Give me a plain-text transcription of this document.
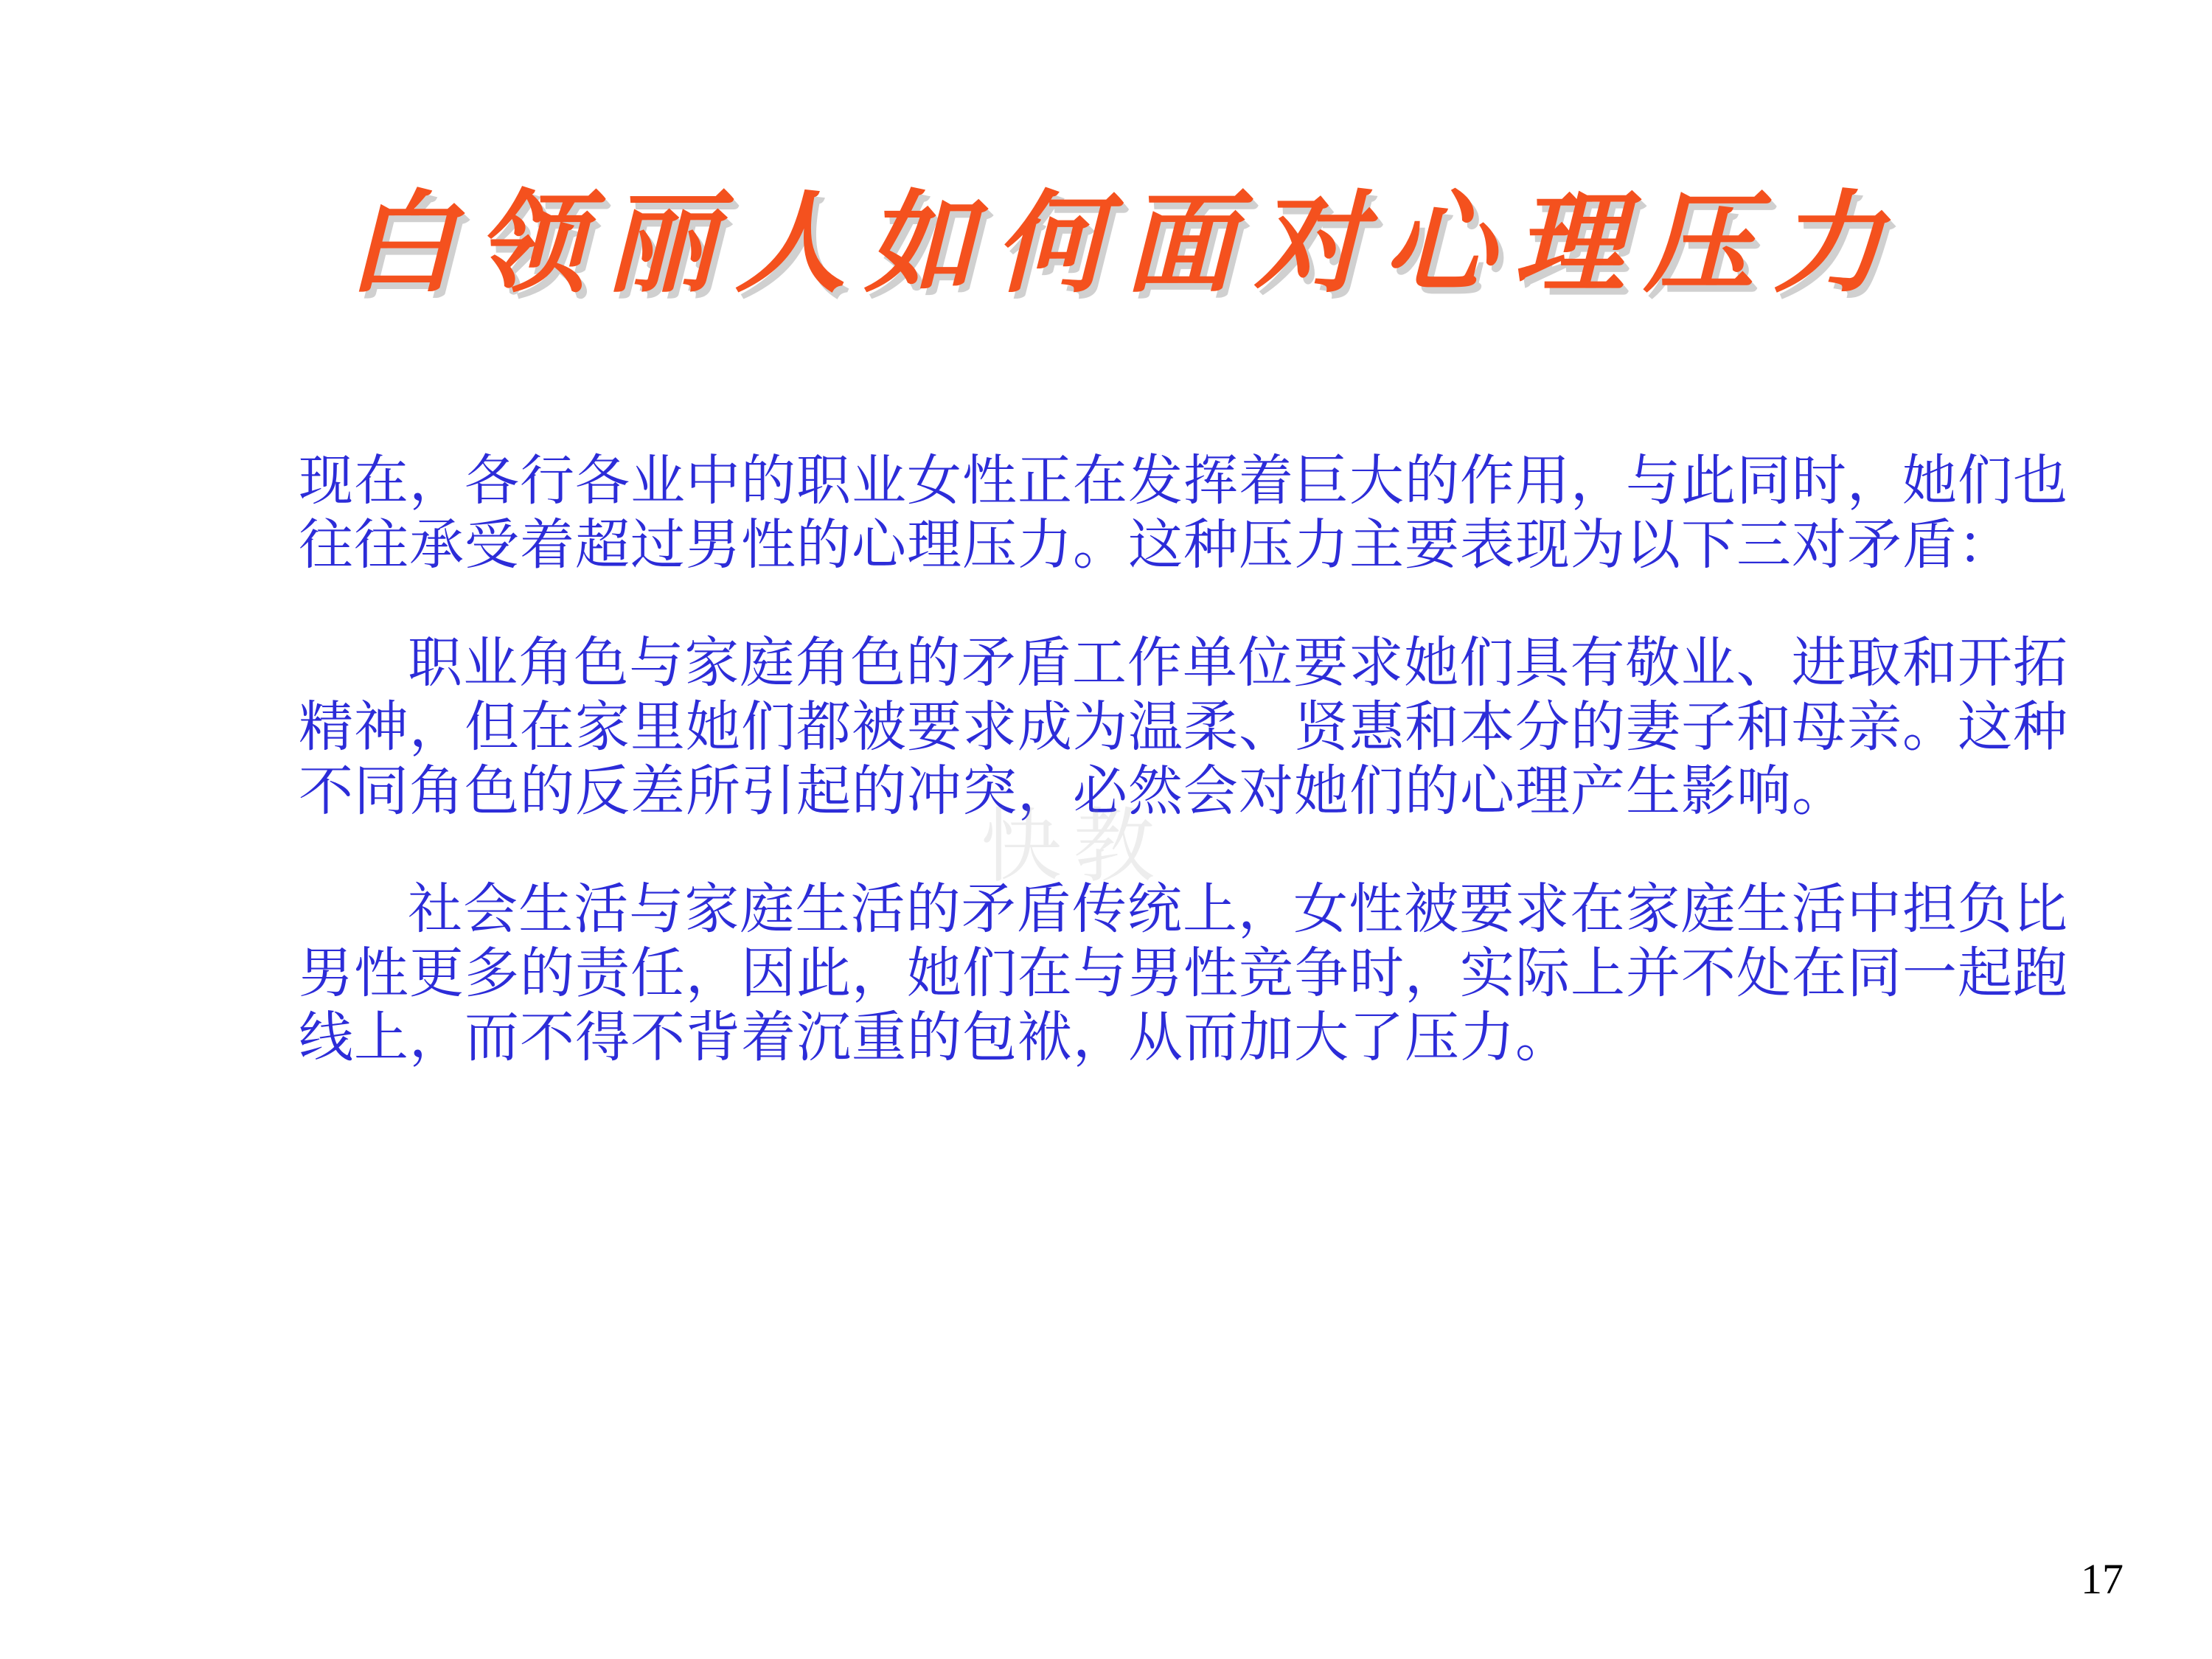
白领丽人如何面对心理压力

现在，各行各业中的职业女性正在发挥着巨大的作用，与此同时，她们也往往承受着超过男性的心理压力。这种压力主要表现为以下三对矛盾：

职业角色与家庭角色的矛盾工作单位要求她们具有敬业、进取和开拓精神，但在家里她们都被要求成为温柔、贤惠和本分的妻子和母亲。这种不同角色的反差所引起的冲突，必然会对她们的心理产生影响。

社会生活与家庭生活的矛盾传统上，女性被要求在家庭生活中担负比男性更多的责任，因此，她们在与男性竞争时，实际上并不处在同一起跑线上，而不得不背着沉重的包袱，从而加大了压力。

快教
17
